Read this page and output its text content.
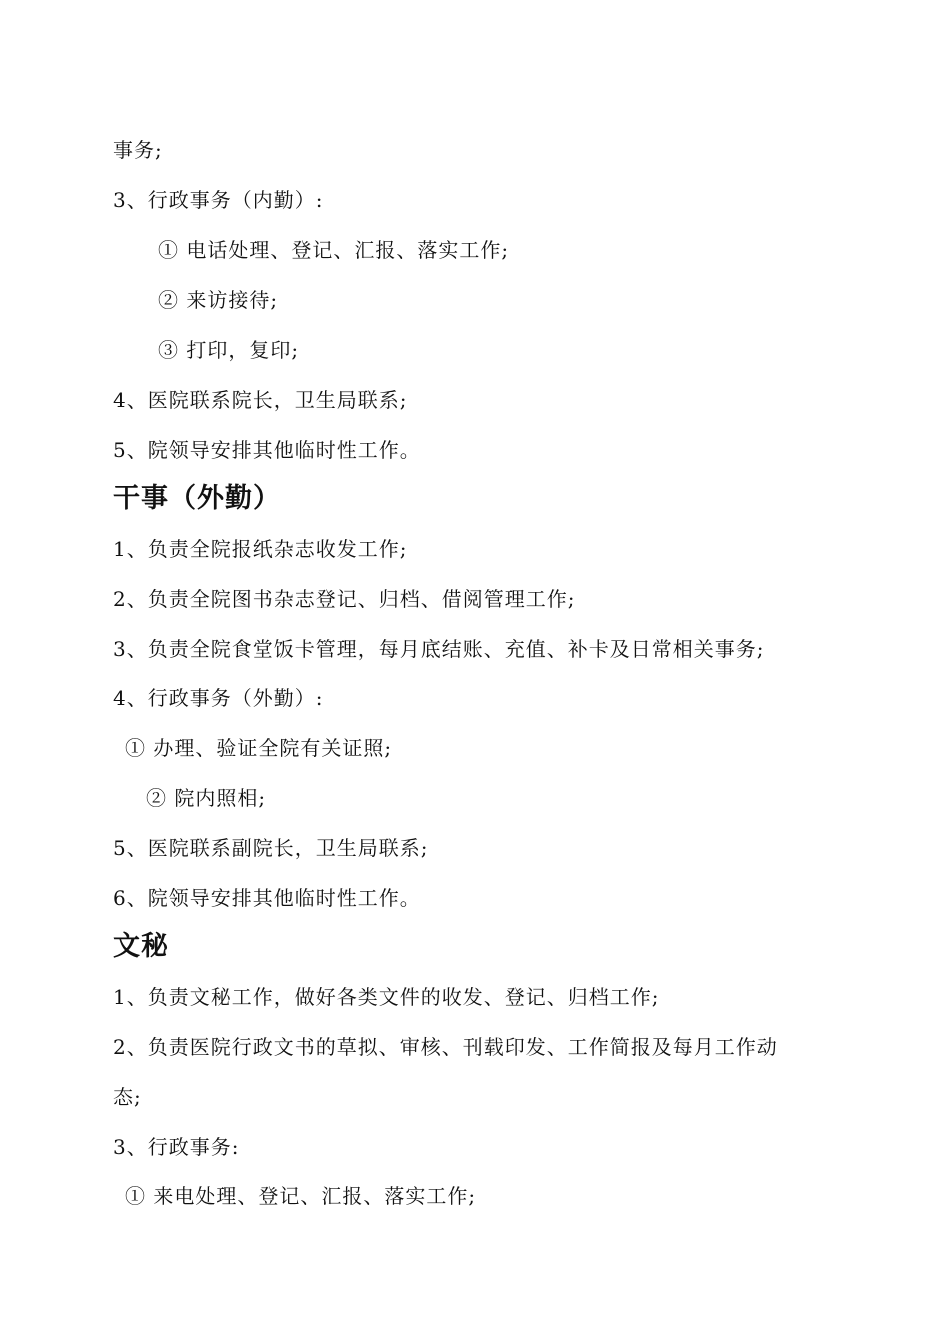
事务;
3、行政事务（内勤）:
① 电话处理、登记、汇报、落实工作;
② 来访接待;
③ 打印，复印;
4、医院联系院长，卫生局联系;
5、院领导安排其他临时性工作。
干事（外勤）
1、负责全院报纸杂志收发工作;
2、负责全院图书杂志登记、归档、借阅管理工作;
3、负责全院食堂饭卡管理，每月底结账、充值、补卡及日常相关事务;
4、行政事务（外勤）:
① 办理、验证全院有关证照;
② 院内照相;
5、医院联系副院长，卫生局联系;
6、院领导安排其他临时性工作。
文秘
1、负责文秘工作，做好各类文件的收发、登记、归档工作;
2、负责医院行政文书的草拟、审核、刊载印发、工作简报及每月工作动
态;
3、行政事务:
① 来电处理、登记、汇报、落实工作;
